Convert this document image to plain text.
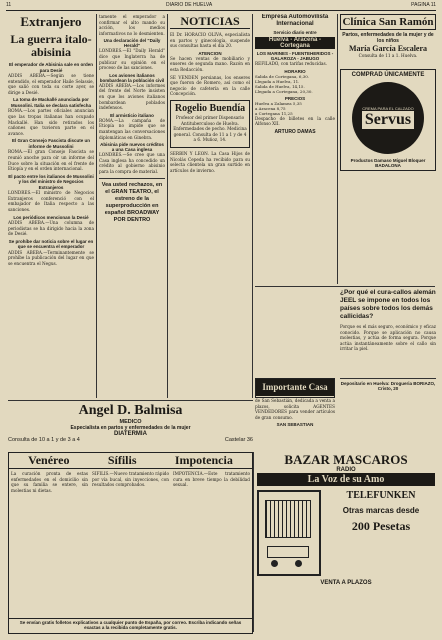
11	DIARIO DE HUELVA	PAGINA 11
Extranjero
La guerra italo-abisinia
El emperador de Abisinia sale en orden para Desié

ADDIS ABEBA.—Según se tiene entendido, el emperador Haile Selassie, que salió con toda su corte ayer, se dirige a Desié.

La toma de Mackallé anunciada por Mussolini. Italia se declara satisfecha

ROMA.—Los partes oficiales anuncian que las tropas italianas han ocupado Mackallé. Han sido retirados los cañones que tuvieron parte en el avance.

El Gran Consejo Fascista discute un informe de Mussolini

ROMA.—El gran Consejo Fascista se reunió anoche para oír un informe del Duce sobre la situación en el frente de Etiopía y en el orden internacional.

El pacto entre los italianos de Mussolini y los del ministro de Negocios Extranjeros

LONDRES.—El ministro de Negocios Extranjeros conferenció con el embajador de Italia respecto a las sanciones.

Los periódicos mencionan la Desié

ADDIS ABEBA.—Una columna de periodistas se ha dirigido hacia la zona de Desié.

Se prohíbe dar noticia sobre el lugar en que se encuentra el emperador

ADDIS ABEBA.—Terminantemente se prohíbe la publicación del lugar en que se encuentra el Negus.

tamente el emperador a confirmar el alto mando su acción, los medios informativos no lo desmienten.

Una declaración del "Daily Herald"

LONDRES.—El "Daily Herald" dice que Inglaterra ha de publicar su opinión en el proceso de las sanciones.

Los aviones italianos bombardean la población civil

ADDIS ABEBA.—Los informes del frente del Norte insisten en que los aviones italianos bombardean poblados indefensos.

El armisticio italiano

ROMA.—La campaña de Etiopía no impide que se mantengan las conversaciones diplomáticas en Ginebra.

Abisinia pide nuevos créditos a una Casa inglesa

LONDRES.—Se cree que una Casa inglesa ha concedido un crédito al gobierno abisinio para la compra de material.

Vea usted rechazos, en el GRAN TEATRO, el estreno de la superproducción en español BROADWAY POR DENTRO
NOTICIAS

El Dr. HORACIO OLIVA, especialista en partos y ginecología, suspende sus consultas hasta el día 20.

ATENCION

Se hacen ventas de mobiliario y enseres de segunda mano. Razón en esta Redacción.

SE VENDEN persianas, los enseres que fueron de Romero, así como el negocio de cafetería en la calle Concepción.

Rogelio Buendía

Profesor del primer Dispensario Antituberculoso de Huelva. Enfermedades de pecho. Medicina general. Consulta de 11 a 1 y de 4 a 6. Muñoz, 14.

SERBIN Y LEON. La Casa Hijos de Nicolás Cepeda ha recibido para su selecta clientela un gran surtido en artículos de invierno.

Empresa Automovilista Internacional
Servicio diario entre
Huelva - Aracena - Cortegana
LOS MARINES - FUENTEHERIDOS - GALAROZA - JABUGO

REFILADO, con tarifas reducidas.

HORARIO
Salida de Cortegana, 6,30.
Llegada a Huelva, 11.
Salida de Huelva, 14,15.
Llegada a Cortegana, 20,30.
PRECIOS
Huelva a Zalamea 5,35
a Aracena 8,75
a Cortegana 11,25

Despacho de billetes en la calle Alfonso XII.

ARTURO DAMAS
Importante Casa

de San Sebastián, dedicada a venta a plazos, solicita AGENTES VENDEDORES para vender artículos de gran consumo.

SAN SEBASTIAN
Clínica San Ramón
Partos, enfermedades de la mujer y de los niños
María García Escalera

Consulta de 11 a 1. Huelva.

COMPRAD ÚNICAMENTE
CREMA PARA EL CALZADO
Servus
Productos Damaso Miguel Bloquer BADALONA
¿Por qué el cura-callos alemán JEEL se impone en todos los países sobre todos los demás callicidas?

Porque es el más seguro, económico y eficaz conocido. Porque se aplicación no causa molestias, y actúa de forma segura. Porque actúa instantáneamente sobre el callo sin irritar la piel.

Depositario en Huelva: Drogueria BORIAZO, Cristo, 20
Angel D. Balmisa
MEDICO
Especialista en partos y enfermedades de la mujer
DIATERMIA
Consulta de 10 a 1 y de 3 a 4	Castelar 36
Venéreo	Sífilis	Impotencia

La curación pronta de estas enfermedades en el domicilio sin que su familia se entere, sin molestias ni dietas.

SIFILIS.—Nuevo tratamiento rápido por vía bucal, sin inyecciones, con resultados comprobados.

IMPOTENCIA.—Este tratamiento cura en breve tiempo la debilidad sexual.

Se envían gratis folletos explicativos a cualquier punto de España, por correo. Escriba indicando señas exactas a la recibida completamente gratis.
BAZAR MASCAROS
RADIO
La Voz de su Amo
TELEFUNKEN
Otras marcas desde
200 Pesetas
VENTA A PLAZOS
